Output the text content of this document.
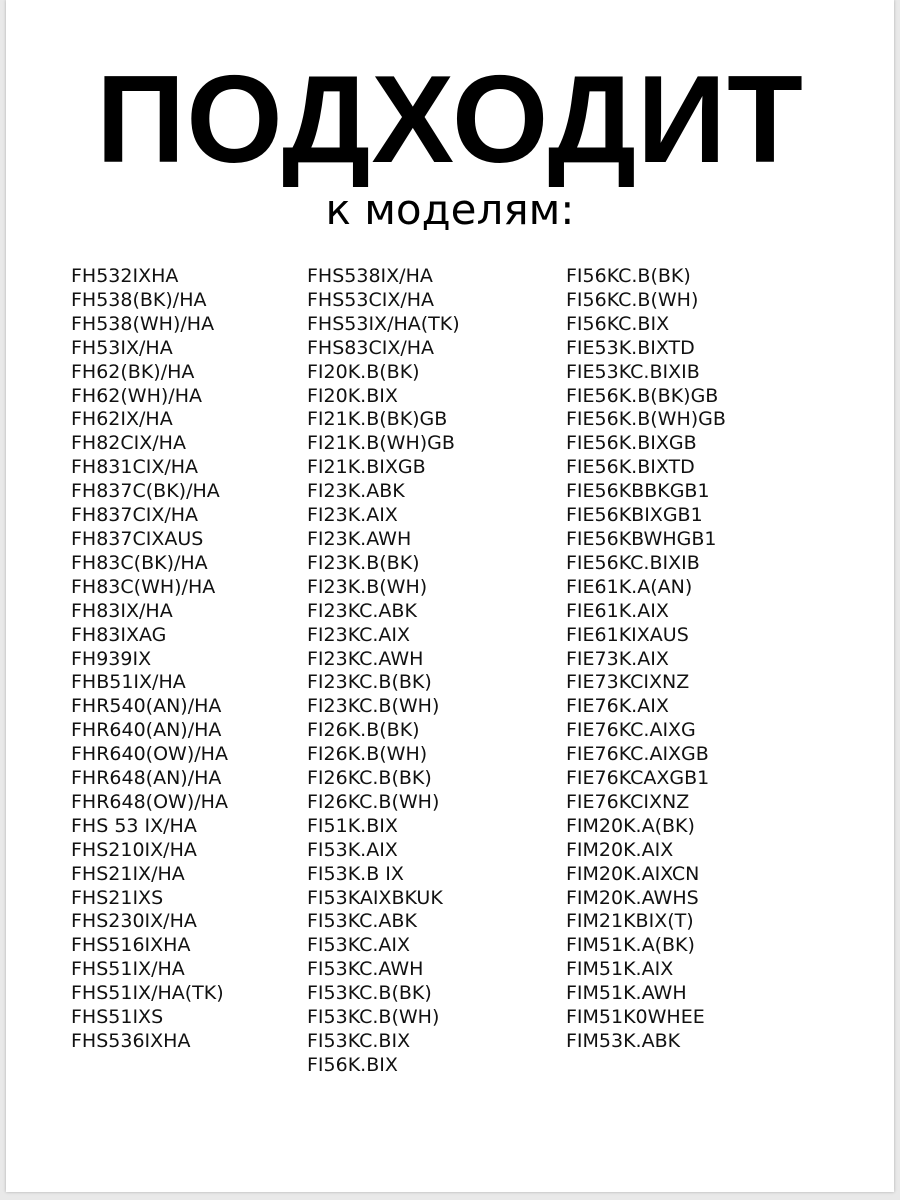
ПОДХОДИТ
к моделям:
FH532IXHA
FH538(BK)/HA
FH538(WH)/HA
FH53IX/HA
FH62(BK)/HA
FH62(WH)/HA
FH62IX/HA
FH82CIX/HA
FH831CIX/HA
FH837C(BK)/HA
FH837CIX/HA
FH837CIXAUS
FH83C(BK)/HA
FH83C(WH)/HA
FH83IX/HA
FH83IXAG
FH939IX
FHB51IX/HA
FHR540(AN)/HA
FHR640(AN)/HA
FHR640(OW)/HA
FHR648(AN)/HA
FHR648(OW)/HA
FHS 53 IX/HA
FHS210IX/HA
FHS21IX/HA
FHS21IXS
FHS230IX/HA
FHS516IXHA
FHS51IX/HA
FHS51IX/HA(TK)
FHS51IXS
FHS536IXHA
FHS538IX/HA
FHS53CIX/HA
FHS53IX/HA(TK)
FHS83CIX/HA
FI20K.B(BK)
FI20K.BIX
FI21K.B(BK)GB
FI21K.B(WH)GB
FI21K.BIXGB
FI23K.ABK
FI23K.AIX
FI23K.AWH
FI23K.B(BK)
FI23K.B(WH)
FI23KC.ABK
FI23KC.AIX
FI23KC.AWH
FI23KC.B(BK)
FI23KC.B(WH)
FI26K.B(BK)
FI26K.B(WH)
FI26KC.B(BK)
FI26KC.B(WH)
FI51K.BIX
FI53K.AIX
FI53K.B IX
FI53KAIXBKUK
FI53KC.ABK
FI53KC.AIX
FI53KC.AWH
FI53KC.B(BK)
FI53KC.B(WH)
FI53KC.BIX
FI56K.BIX
FI56KC.B(BK)
FI56KC.B(WH)
FI56KC.BIX
FIE53K.BIXTD
FIE53KC.BIXIB
FIE56K.B(BK)GB
FIE56K.B(WH)GB
FIE56K.BIXGB
FIE56K.BIXTD
FIE56KBBKGB1
FIE56KBIXGB1
FIE56KBWHGB1
FIE56KC.BIXIB
FIE61K.A(AN)
FIE61K.AIX
FIE61KIXAUS
FIE73K.AIX
FIE73KCIXNZ
FIE76K.AIX
FIE76KC.AIXG
FIE76KC.AIXGB
FIE76KCAXGB1
FIE76KCIXNZ
FIM20K.A(BK)
FIM20K.AIX
FIM20K.AIXCN
FIM20K.AWHS
FIM21KBIX(T)
FIM51K.A(BK)
FIM51K.AIX
FIM51K.AWH
FIM51K0WHEE
FIM53K.ABK
